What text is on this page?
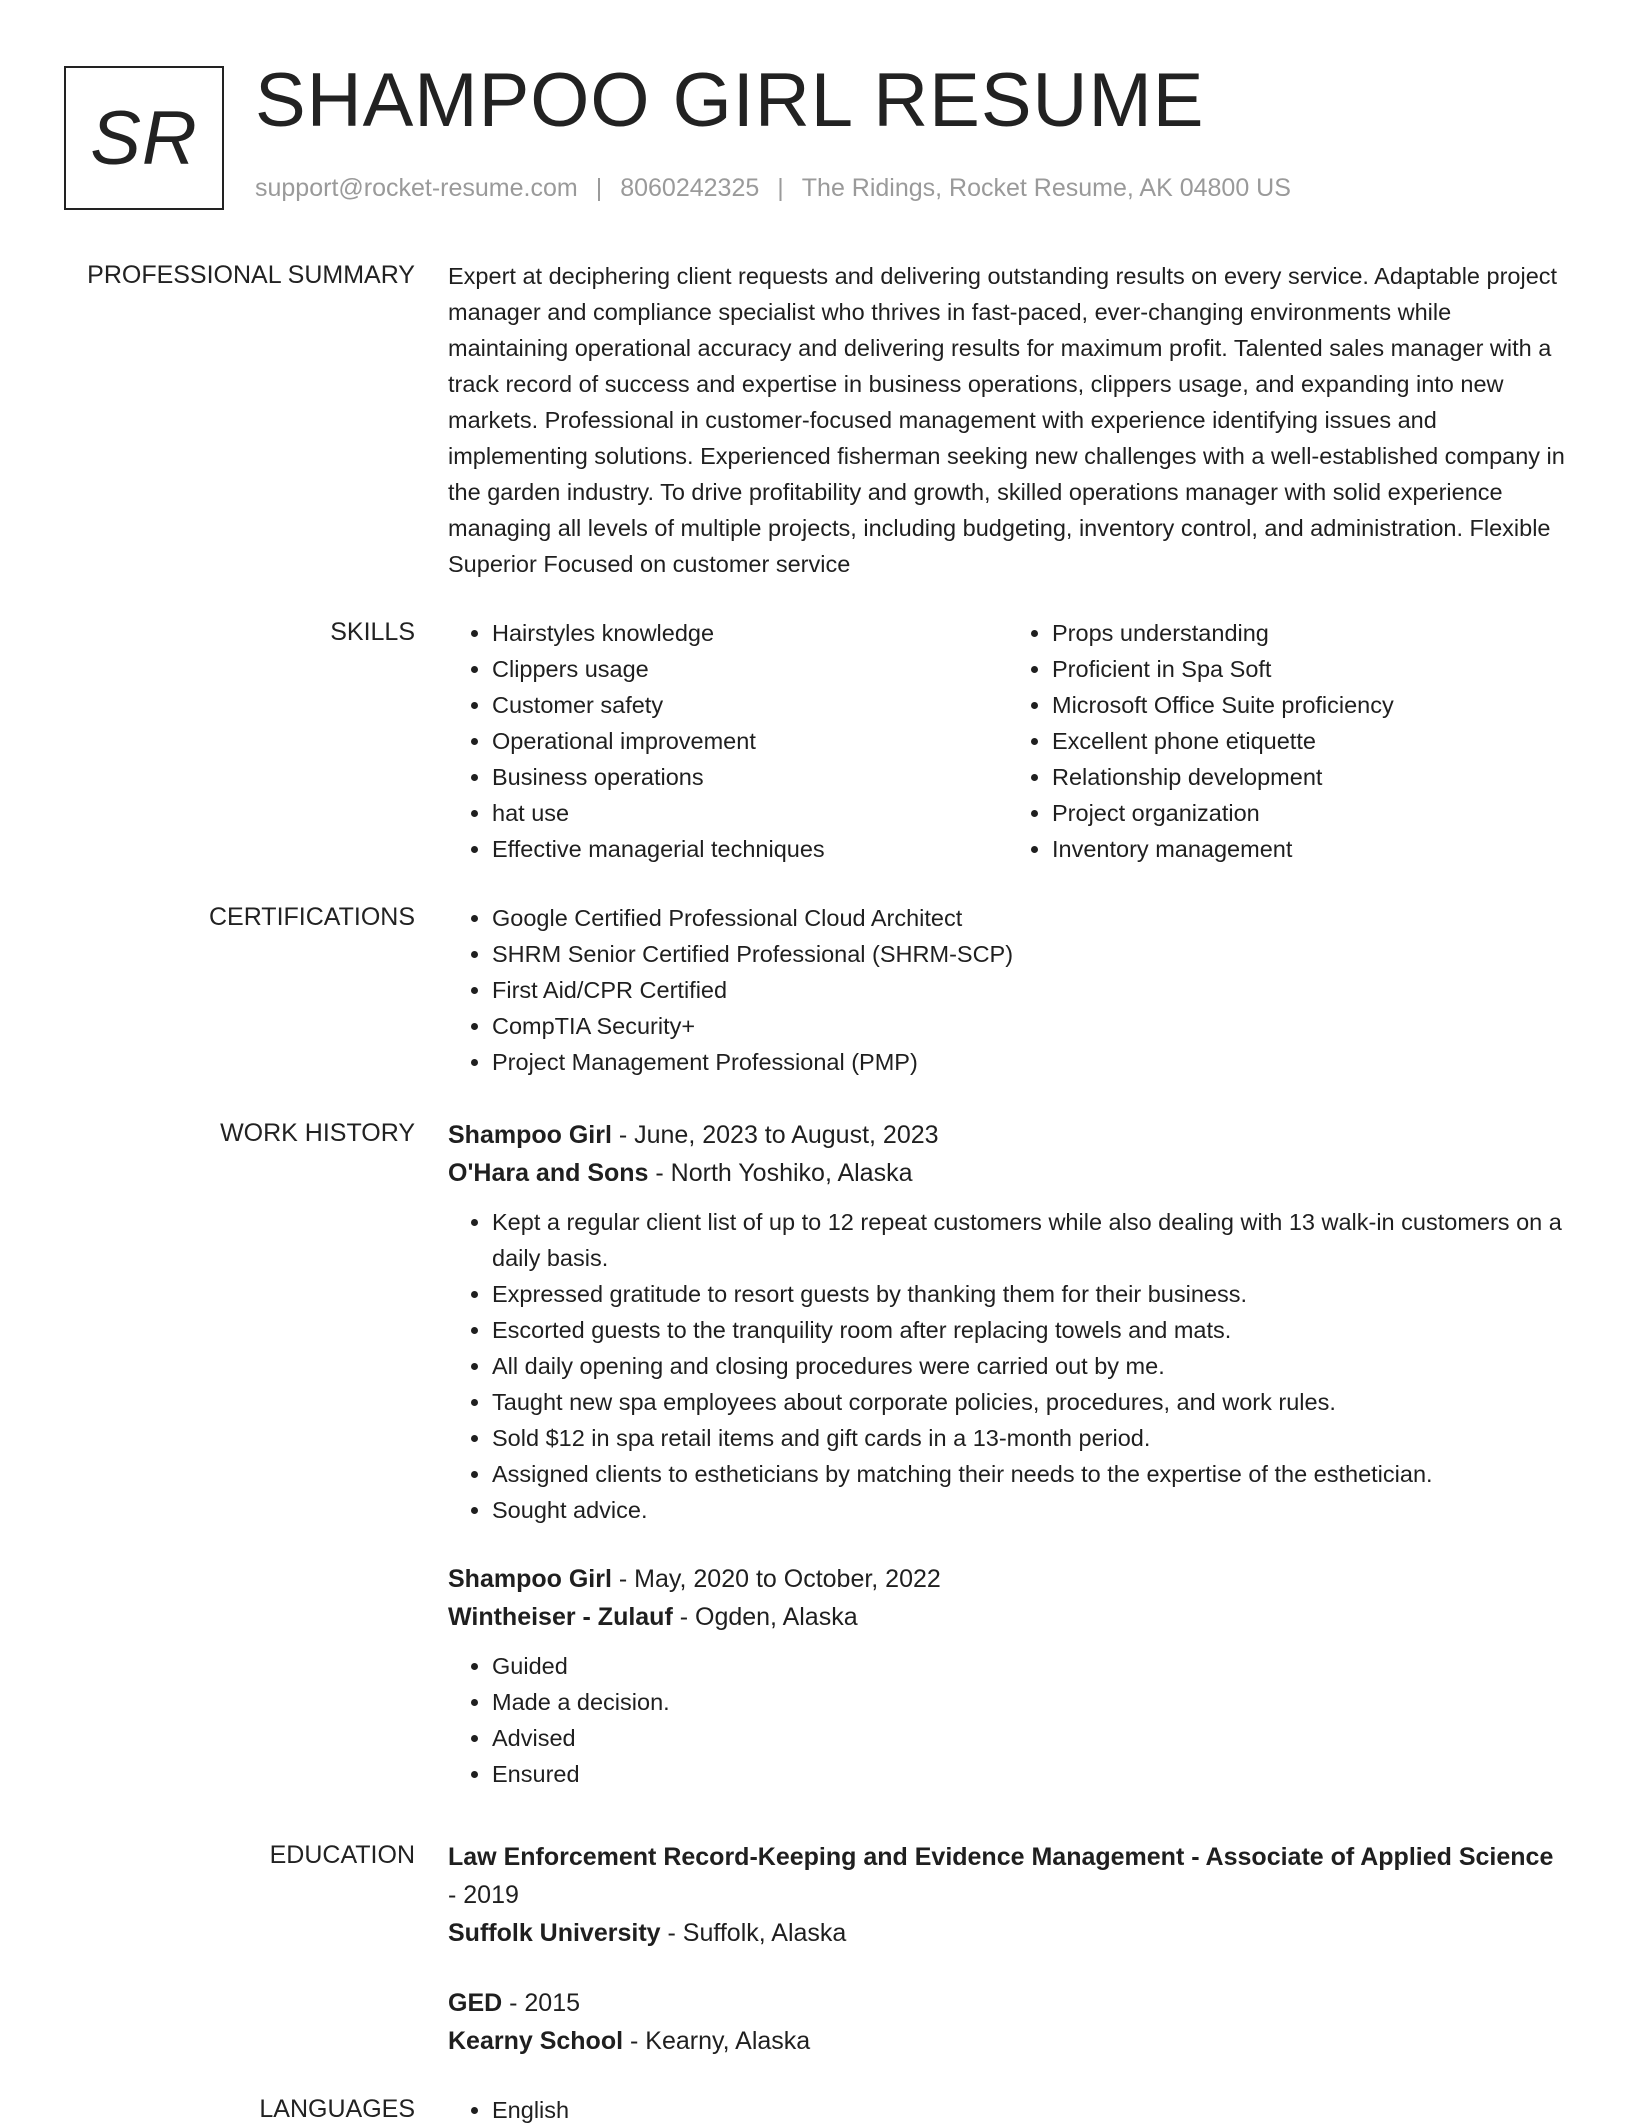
SR SHAMPOO GIRL RESUME
support@rocket-resume.com | 8060242325 | The Ridings, Rocket Resume, AK 04800 US
PROFESSIONAL SUMMARY Expert at deciphering client requests and delivering outstanding results on every service. Adaptable project manager and compliance specialist who thrives in fast-paced, ever-changing environments while maintaining operational accuracy and delivering results for maximum profit. Talented sales manager with a track record of success and expertise in business operations, clippers usage, and expanding into new markets. Professional in customer-focused management with experience identifying issues and implementing solutions. Experienced fisherman seeking new challenges with a well-established company in the garden industry. To drive profitability and growth, skilled operations manager with solid experience managing all levels of multiple projects, including budgeting, inventory control, and administration. Flexible Superior Focused on customer service

SKILLS	• Hairstyles knowledge
• Clippers usage
• Customer safety
• Operational improvement
• Business operations
• hat use
• Effective managerial techniques
• Props understanding
• Proficient in Spa Soft
• Microsoft Office Suite proficiency
• Excellent phone etiquette
• Relationship development
• Project organization
• Inventory management
CERTIFICATIONS	• Google Certified Professional Cloud Architect
• SHRM Senior Certified Professional (SHRM-SCP)
• First Aid/CPR Certified
• CompTIA Security+
• Project Management Professional (PMP)
WORK HISTORY Shampoo Girl - June, 2023 to August, 2023
O'Hara and Sons - North Yoshiko, Alaska
• Kept a regular client list of up to 12 repeat customers while also dealing with 13 walk-in customers on a daily basis.
• Expressed gratitude to resort guests by thanking them for their business.
• Escorted guests to the tranquility room after replacing towels and mats.
• All daily opening and closing procedures were carried out by me.
• Taught new spa employees about corporate policies, procedures, and work rules.
• Sold $12 in spa retail items and gift cards in a 13-month period.
• Assigned clients to estheticians by matching their needs to the expertise of the esthetician.
• Sought advice.
Shampoo Girl - May, 2020 to October, 2022
Wintheiser - Zulauf - Ogden, Alaska
• Guided
• Made a decision.
• Advised
• Ensured
EDUCATION Law Enforcement Record-Keeping and Evidence Management - Associate of Applied Science - 2019
Suffolk University - Suffolk, Alaska
GED - 2015
Kearny School - Kearny, Alaska
LANGUAGES	• English
